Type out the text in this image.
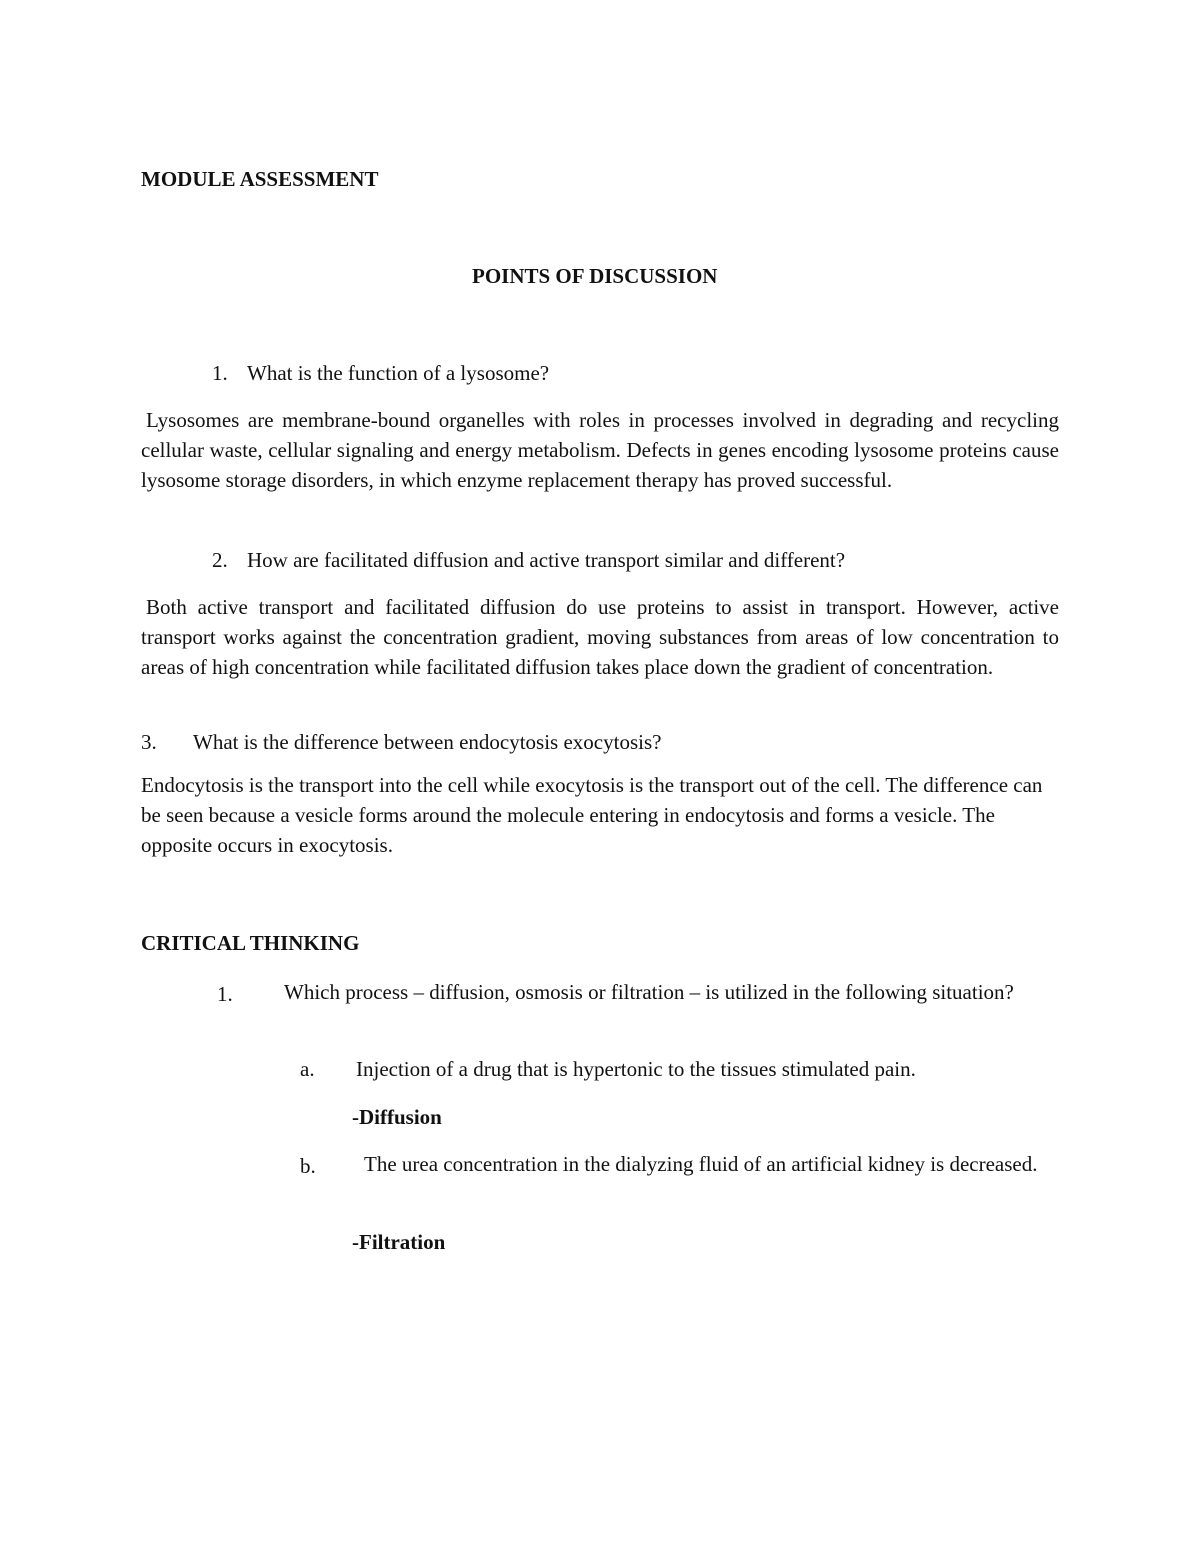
MODULE ASSESSMENT
POINTS OF DISCUSSION
1. What is the function of a lysosome?
Lysosomes are membrane-bound organelles with roles in processes involved in degrading and recycling cellular waste, cellular signaling and energy metabolism. Defects in genes encoding lysosome proteins cause lysosome storage disorders, in which enzyme replacement therapy has proved successful.
2. How are facilitated diffusion and active transport similar and different?
Both active transport and facilitated diffusion do use proteins to assist in transport. However, active transport works against the concentration gradient, moving substances from areas of low concentration to areas of high concentration while facilitated diffusion takes place down the gradient of concentration.
3. What is the difference between endocytosis exocytosis?
Endocytosis is the transport into the cell while exocytosis is the transport out of the cell. The difference can be seen because a vesicle forms around the molecule entering in endocytosis and forms a vesicle. The opposite occurs in exocytosis.
CRITICAL THINKING
1.	Which process – diffusion, osmosis or filtration – is utilized in the following situation?
a. Injection of a drug that is hypertonic to the tissues stimulated pain.
-Diffusion
b.	The urea concentration in the dialyzing fluid of an artificial kidney is decreased.
-Filtration
